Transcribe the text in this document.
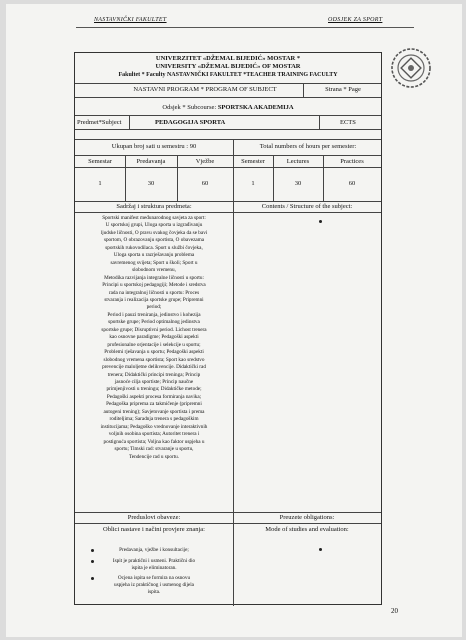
NASTAVNIČKI FAKULTET	ODSJEK ZA SPORT
UNIVERZITET «DŽEMAL BIJEDIĆ» MOSTAR *
UNIVERSITY «DŽEMAL BIJEDIĆ» OF MOSTAR
Fakultet * Faculty NASTAVNIČKI FAKULTET *TEACHER TRAINING FACULTY
NASTAVNI PROGRAM * PROGRAM OF SUBJECT	Strana * Page
Odsjek * Subcourse: SPORTSKA AKADEMIJA
Predmet*Subject	PEDAGOGIJA SPORTA	ECTS
Ukupan broj sati u semestru : 90	Total numbers of hours per semester:
Semestar	Predavanja	Vježbe	Semester	Lectures	Practices
1	30	60	1	30	60
Sadržaj i struktura predmeta:	Contents / Structure of the subject:
Sportski manifest međunarodnog savjeta za sport:
U sportskoj grupi, Uloga sporta u izgrađivanju
ljudske ličnosti, O pravu svakog čovjeka da se bavi
sportom, O obrazovanju sportista, O obavezama
sportskih rukovodilaca. Sport u službi čovjeka,
Uloga sporta u razrješavanju problema
savremenog svijeta; Sport u školi; Sport u
slobodnom vremenu,
Metodika razvijanja integralne ličnosti u sportu:
Principi u sportskoj pedagogiji; Metode i sredstva
rada na integralnoj ličnosti u sportu: Proces
stvaranja i realizacija sportske grupe; Pripremni
period;
Period i pauzi treniranja, jedinstvo i kohezija
sportske grupe; Period optimalnog jedinstva
sportske grupe; Disruptivni period. Lichost trenera
kao osnovne paradigme; Pedagoški aspekti
profesionalne orjentacije i selekcije u sportu;
Problemi rješavanja u sportu; Pedagoški aspekti
slobodnog vremena sportista; Sport kao sredstvo
prevencije maloljetne delikvencije. Didaktički rad
trenera; Didaktički principi treninga; Princip
jasnoće cilja sportiste; Princip naučne
primjenjivosti u treningu; Didaktičke metode;
Pedagoški aspekti procesa formiranja navika;
Pedagoška priprema za takmičenje (pripremni
autogeni trening); Savjetovanje sportista i prema
roditeljima; Saradnja trenera s pedagoškim
institucijama; Pedagoško vrednovanje interaktivnih
voljnih osobina sportista; Autoritet trenera i
postignuća sportista; Voljna kao faktor uspjeha u
sportu; Timski rad: stvaranje u sportu,
Tendencije rad u sportu.
Preduslovi obaveze:	Preuzete obligations:
Oblici nastave i načini provjere znanja:	Mode of studies and evaluation:
Predavanja, vježbe i konsultacije;
Ispit je praktični i usmeni. Praktični dio
ispita je eliminatoran.
Ocjena ispita se formira na osnovu
uspjeha iz praktičnog i usmenog dijela
ispita.
20
